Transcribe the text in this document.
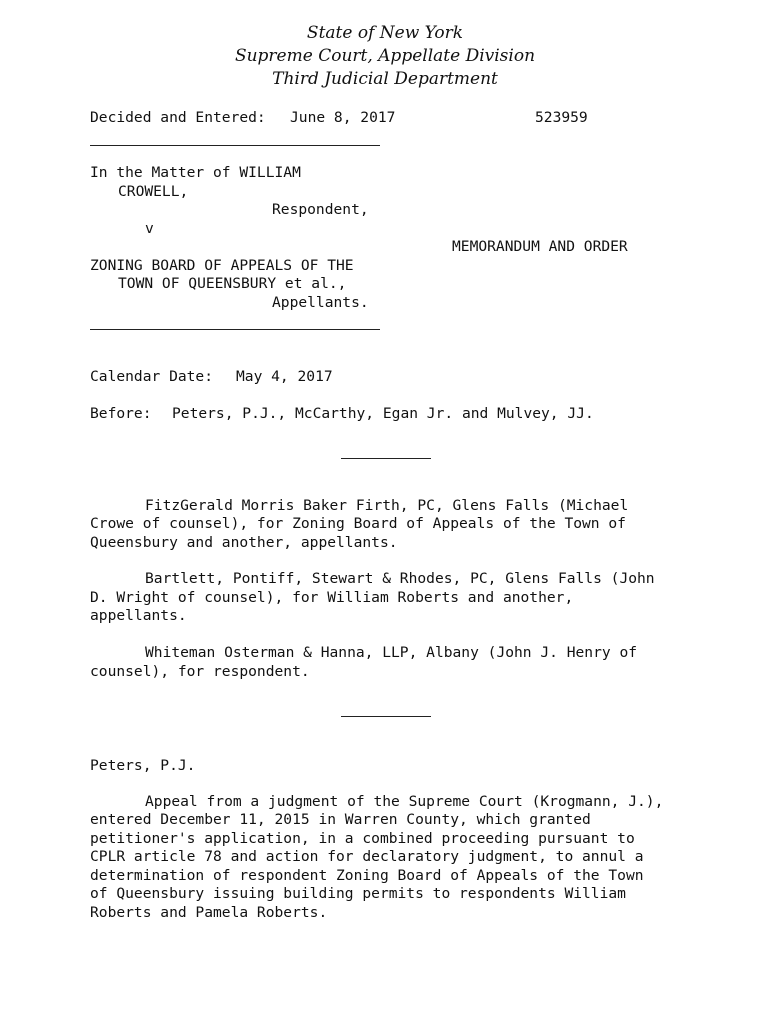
State of New York
Supreme Court, Appellate Division
Third Judicial Department
Decided and Entered: June 8, 2017	523959
In the Matter of WILLIAM
CROWELL,
Respondent,
v
MEMORANDUM AND ORDER
ZONING BOARD OF APPEALS OF THE
TOWN OF QUEENSBURY et al.,
Appellants.
Calendar Date: May 4, 2017
Before: Peters, P.J., McCarthy, Egan Jr. and Mulvey, JJ.
FitzGerald Morris Baker Firth, PC, Glens Falls (Michael
Crowe of counsel), for Zoning Board of Appeals of the Town of
Queensbury and another, appellants.
Bartlett, Pontiff, Stewart & Rhodes, PC, Glens Falls (John
D. Wright of counsel), for William Roberts and another,
appellants.
Whiteman Osterman & Hanna, LLP, Albany (John J. Henry of
counsel), for respondent.
Peters, P.J.
Appeal from a judgment of the Supreme Court (Krogmann, J.),
entered December 11, 2015 in Warren County, which granted
petitioner's application, in a combined proceeding pursuant to
CPLR article 78 and action for declaratory judgment, to annul a
determination of respondent Zoning Board of Appeals of the Town
of Queensbury issuing building permits to respondents William
Roberts and Pamela Roberts.
